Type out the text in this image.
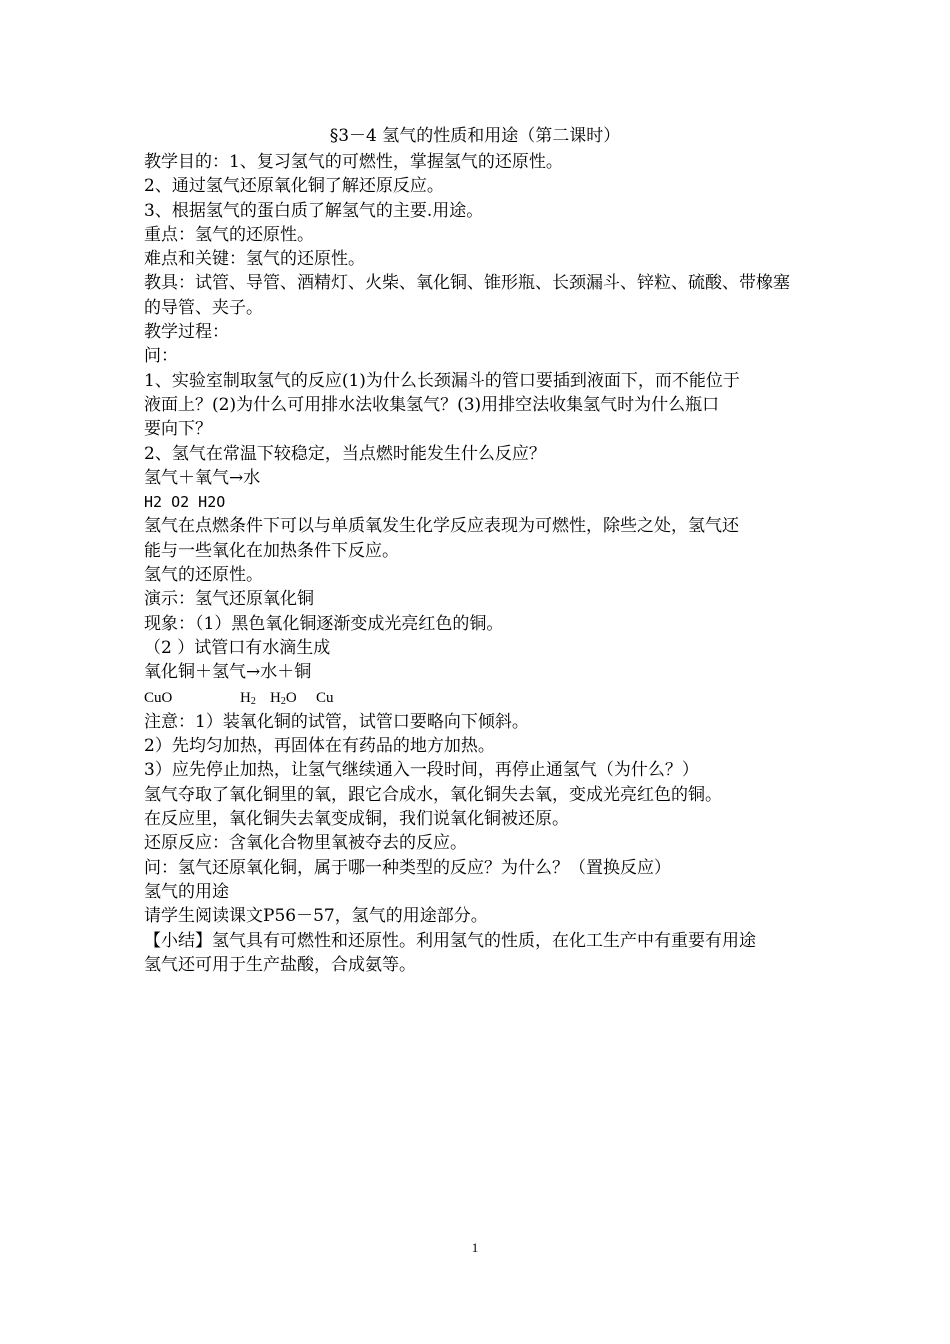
§3－4 氢气的性质和用途（第二课时）
教学目的：1、复习氢气的可燃性，掌握氢气的还原性。
2、通过氢气还原氧化铜了解还原反应。
3、根据氢气的蛋白质了解氢气的主要.用途。
重点：氢气的还原性。
难点和关键：氢气的还原性。
教具：试管、导管、酒精灯、火柴、氧化铜、锥形瓶、长颈漏斗、锌粒、硫酸、带橡塞
的导管、夹子。
教学过程：
问：
1、实验室制取氢气的反应(1)为什么长颈漏斗的管口要插到液面下，而不能位于
液面上？(2)为什么可用排水法收集氢气？(3)用排空法收集氢气时为什么瓶口
要向下？
2、氢气在常温下较稳定，当点燃时能发生什么反应？
氢气＋氧气→水
H2 O2 H2O
氢气在点燃条件下可以与单质氧发生化学反应表现为可燃性，除些之处，氢气还
能与一些氧化在加热条件下反应。
氢气的还原性。
演示：氢气还原氧化铜
现象：（1）黑色氧化铜逐渐变成光亮红色的铜。
（2 ）试管口有水滴生成
氧化铜＋氢气→水＋铜
CuO	$H_2$ $H_2O$ Cu
注意：1）装氧化铜的试管，试管口要略向下倾斜。
2）先均匀加热，再固体在有药品的地方加热。
3）应先停止加热，让氢气继续通入一段时间，再停止通氢气（为什么？）
氢气夺取了氧化铜里的氧，跟它合成水，氧化铜失去氧，变成光亮红色的铜。
在反应里，氧化铜失去氧变成铜，我们说氧化铜被还原。
还原反应：含氧化合物里氧被夺去的反应。
问：氢气还原氧化铜，属于哪一种类型的反应？为什么？（置换反应）
氢气的用途
请学生阅读课文P56－57，氢气的用途部分。
【小结】氢气具有可燃性和还原性。利用氢气的性质，在化工生产中有重要有用途
氢气还可用于生产盐酸，合成氨等。
1
